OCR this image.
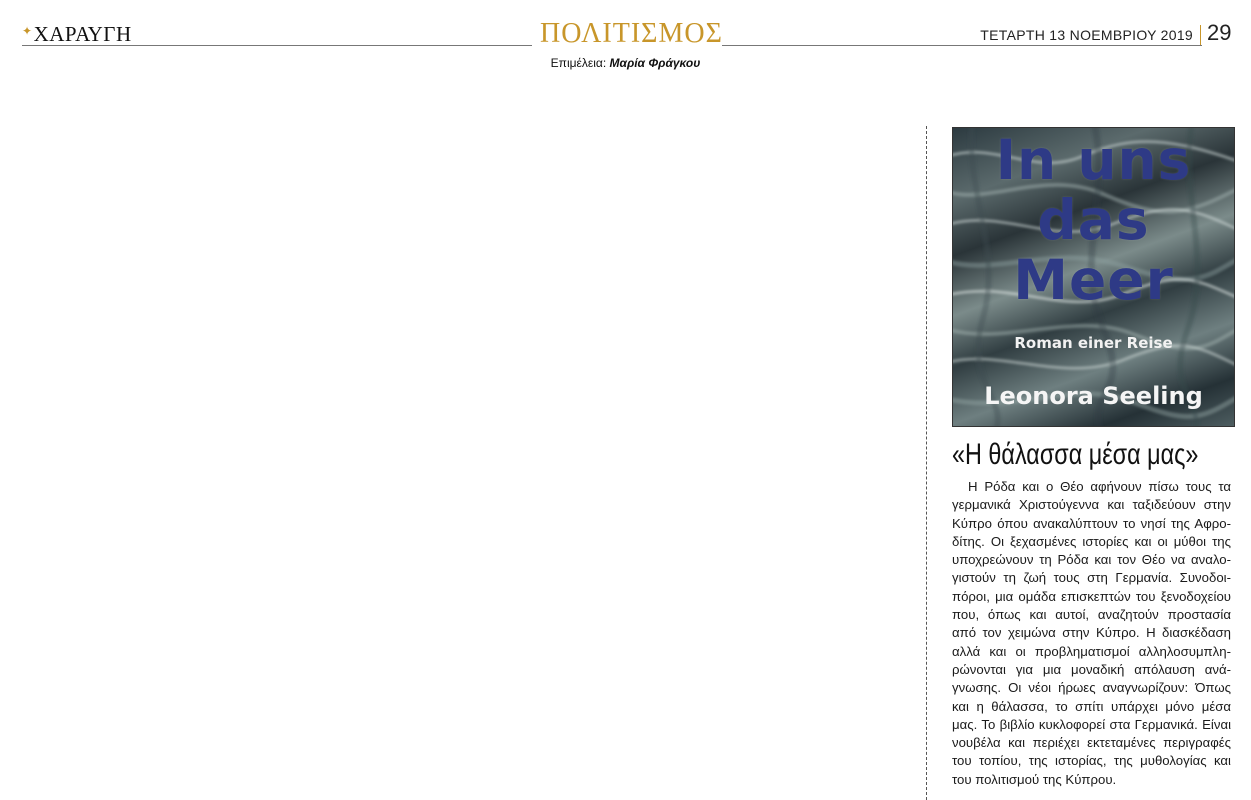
✦ΧΑΡΑΥΓΗ	ΠΟΛΙΤΙΣΜΟΣ	ΤΕΤΑΡΤΗ 13 ΝΟΕΜΒΡΙΟΥ 2019 29
Επιμέλεια: Μαρία Φράγκου
In uns
das
Meer
Roman einer Reise
Leonora Seeling
«Η θάλασσα μέσα μας»

Η Ρόδα και ο Θέο αφήνουν πίσω τους τα γερμανικά Χριστούγεννα και ταξιδεύουν στην Κύπρο όπου ανακαλύπτουν το νησί της Αφροδίτης. Οι ξεχασμένες ιστορίες και οι μύθοι της υποχρεώνουν τη Ρόδα και τον Θέο να αναλογιστούν τη ζωή τους στη Γερμανία. Συνοδοιπόροι, μια ομάδα επισκεπτών του ξενοδοχείου που, όπως και αυτοί, αναζητούν προστασία από τον χειμώνα στην Κύπρο. Η διασκέδαση αλλά και οι προβληματισμοί αλληλοσυμπληρώνονται για μια μοναδική απόλαυση ανάγνωσης. Οι νέοι ήρωες αναγνωρίζουν: Όπως και η θάλασσα, το σπίτι υπάρχει μόνο μέσα μας. Το βιβλίο κυκλοφορεί στα Γερμανικά. Είναι νουβέλα και περιέχει εκτεταμένες περιγραφές του τοπίου, της ιστορίας, της μυθολογίας και του πολιτισμού της Κύπρου.
